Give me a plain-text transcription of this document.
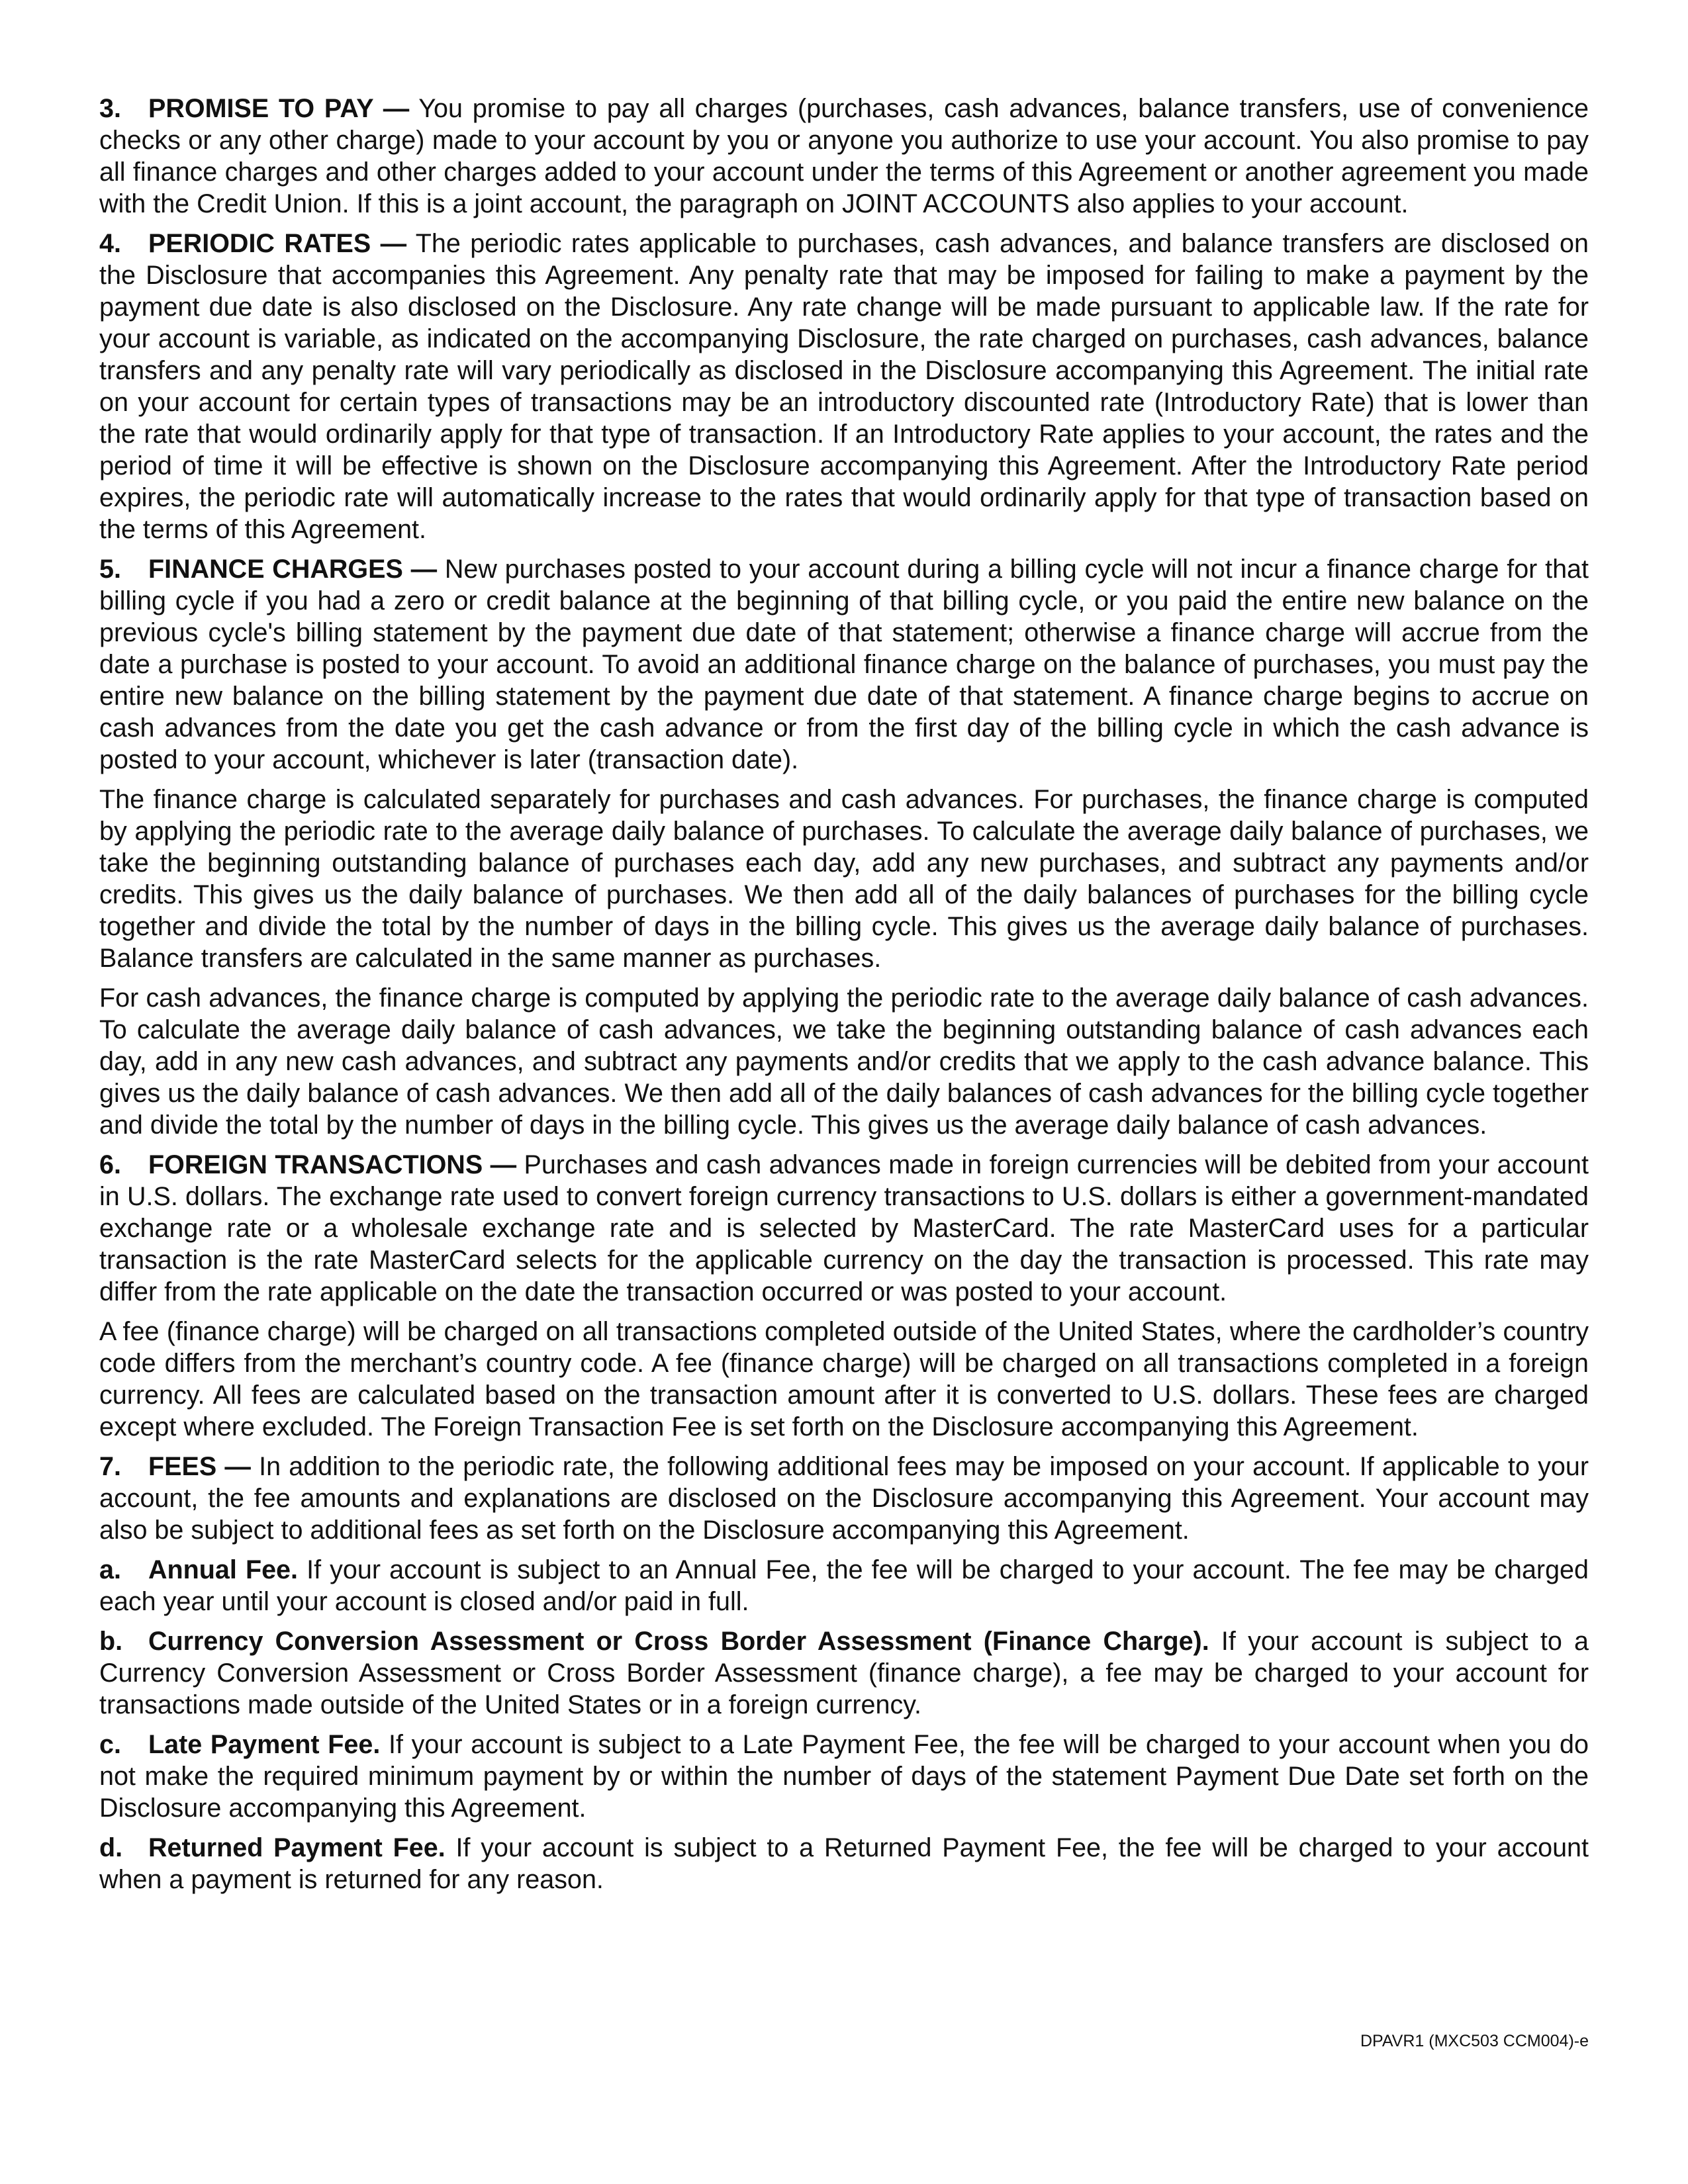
3. PROMISE TO PAY — You promise to pay all charges (purchases, cash advances, balance transfers, use of convenience checks or any other charge) made to your account by you or anyone you authorize to use your account. You also promise to pay all finance charges and other charges added to your account under the terms of this Agreement or another agreement you made with the Credit Union. If this is a joint account, the paragraph on JOINT ACCOUNTS also applies to your account.

4. PERIODIC RATES — The periodic rates applicable to purchases, cash advances, and balance transfers are disclosed on the Disclosure that accompanies this Agreement. Any penalty rate that may be imposed for failing to make a payment by the payment due date is also disclosed on the Disclosure. Any rate change will be made pursuant to applicable law. If the rate for your account is variable, as indicated on the accompanying Disclosure, the rate charged on purchases, cash advances, balance transfers and any penalty rate will vary periodically as disclosed in the Disclosure accompanying this Agreement. The initial rate on your account for certain types of transactions may be an introductory discounted rate (Introductory Rate) that is lower than the rate that would ordinarily apply for that type of transaction. If an Introductory Rate applies to your account, the rates and the period of time it will be effective is shown on the Disclosure accompanying this Agreement. After the Introductory Rate period expires, the periodic rate will automatically increase to the rates that would ordinarily apply for that type of transaction based on the terms of this Agreement.

5. FINANCE CHARGES — New purchases posted to your account during a billing cycle will not incur a finance charge for that billing cycle if you had a zero or credit balance at the beginning of that billing cycle, or you paid the entire new balance on the previous cycle's billing statement by the payment due date of that statement; otherwise a finance charge will accrue from the date a purchase is posted to your account. To avoid an additional finance charge on the balance of purchases, you must pay the entire new balance on the billing statement by the payment due date of that statement. A finance charge begins to accrue on cash advances from the date you get the cash advance or from the first day of the billing cycle in which the cash advance is posted to your account, whichever is later (transaction date).

The finance charge is calculated separately for purchases and cash advances. For purchases, the finance charge is computed by applying the periodic rate to the average daily balance of purchases. To calculate the average daily balance of purchases, we take the beginning outstanding balance of purchases each day, add any new purchases, and subtract any payments and/or credits. This gives us the daily balance of purchases. We then add all of the daily balances of purchases for the billing cycle together and divide the total by the number of days in the billing cycle. This gives us the average daily balance of purchases. Balance transfers are calculated in the same manner as purchases.

For cash advances, the finance charge is computed by applying the periodic rate to the average daily balance of cash advances. To calculate the average daily balance of cash advances, we take the beginning outstanding balance of cash advances each day, add in any new cash advances, and subtract any payments and/or credits that we apply to the cash advance balance. This gives us the daily balance of cash advances. We then add all of the daily balances of cash advances for the billing cycle together and divide the total by the number of days in the billing cycle. This gives us the average daily balance of cash advances.

6. FOREIGN TRANSACTIONS — Purchases and cash advances made in foreign currencies will be debited from your account in U.S. dollars. The exchange rate used to convert foreign currency transactions to U.S. dollars is either a government-mandated exchange rate or a wholesale exchange rate and is selected by MasterCard. The rate MasterCard uses for a particular transaction is the rate MasterCard selects for the applicable currency on the day the transaction is processed. This rate may differ from the rate applicable on the date the transaction occurred or was posted to your account.

A fee (finance charge) will be charged on all transactions completed outside of the United States, where the cardholder’s country code differs from the merchant’s country code. A fee (finance charge) will be charged on all transactions completed in a foreign currency. All fees are calculated based on the transaction amount after it is converted to U.S. dollars. These fees are charged except where excluded. The Foreign Transaction Fee is set forth on the Disclosure accompanying this Agreement.

7. FEES — In addition to the periodic rate, the following additional fees may be imposed on your account. If applicable to your account, the fee amounts and explanations are disclosed on the Disclosure accompanying this Agreement. Your account may also be subject to additional fees as set forth on the Disclosure accompanying this Agreement.

a. Annual Fee. If your account is subject to an Annual Fee, the fee will be charged to your account. The fee may be charged each year until your account is closed and/or paid in full.

b. Currency Conversion Assessment or Cross Border Assessment (Finance Charge). If your account is subject to a Currency Conversion Assessment or Cross Border Assessment (finance charge), a fee may be charged to your account for transactions made outside of the United States or in a foreign currency.

c. Late Payment Fee. If your account is subject to a Late Payment Fee, the fee will be charged to your account when you do not make the required minimum payment by or within the number of days of the statement Payment Due Date set forth on the Disclosure accompanying this Agreement.

d. Returned Payment Fee. If your account is subject to a Returned Payment Fee, the fee will be charged to your account when a payment is returned for any reason.

DPAVR1 (MXC503 CCM004)-e
